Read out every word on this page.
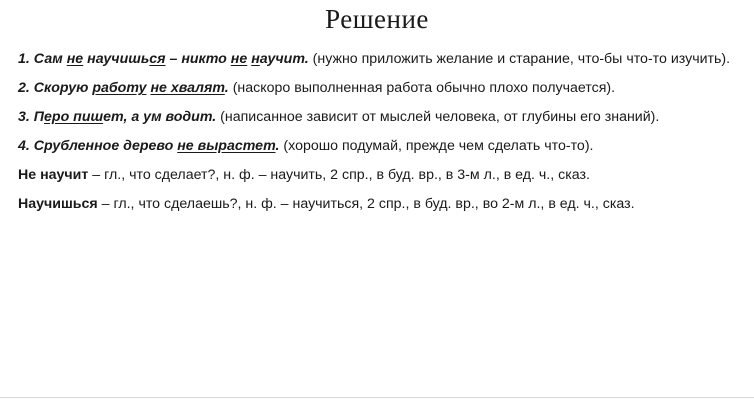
Решение

1. Сам не научишься – никто не научит. (нужно приложить желание и старание, что-бы что-то изучить).

2. Скорую работу не хвалят. (наскоро выполненная работа обычно плохо получается).

3. Перо пишет, а ум водит. (написанное зависит от мыслей человека, от глубины его знаний).

4. Срубленное дерево не вырастет. (хорошо подумай, прежде чем сделать что-то).

Не научит – гл., что сделает?, н. ф. – научить, 2 спр., в буд. вр., в 3-м л., в ед. ч., сказ.

Научишься – гл., что сделаешь?, н. ф. – научиться, 2 спр., в буд. вр., во 2-м л., в ед. ч., сказ.
